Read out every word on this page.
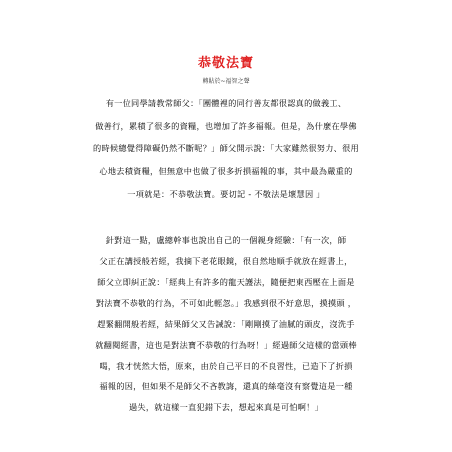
恭敬法寶
轉貼於~福智之聲
有一位同學請教常師父：「團體裡的同行善友都很認真的做義工、
做善行，累積了很多的資糧，也增加了許多福報。但是，為什麼在學佛
的時候總覺得障礙仍然不斷呢？」師父開示說：「大家雖然很努力、很用
心地去積資糧，但無意中也做了很多折損福報的事，其中最為嚴重的
一項就是：不恭敬法寶。要切記 - 不敬法是壞慧因 」
針對這一點，盧總幹事也說出自己的一個親身經驗：「有一次，師
父正在講授般若經，我摘下老花眼鏡，很自然地順手就放在經書上，
師父立即糾正說：「經典上有許多的龍天護法，隨便把東西壓在上面是
對法寶不恭敬的行為，不可如此輕忽。」我感到很不好意思，摸摸頭 ，
趕緊翻開般若經，結果師父又告誡說：「剛剛摸了油膩的頭皮，沒洗手
就翻閱經書，這也是對法寶不恭敬的行為呀！」經過師父這樣的當頭棒
喝，我才恍然大悟，原來，由於自己平日的不良習性，已造下了折損
福報的因，但如果不是師父不吝教誨，還真的絲毫沒有察覺這是一種
過失，就這樣一直犯錯下去，想起來真是可怕啊！」
